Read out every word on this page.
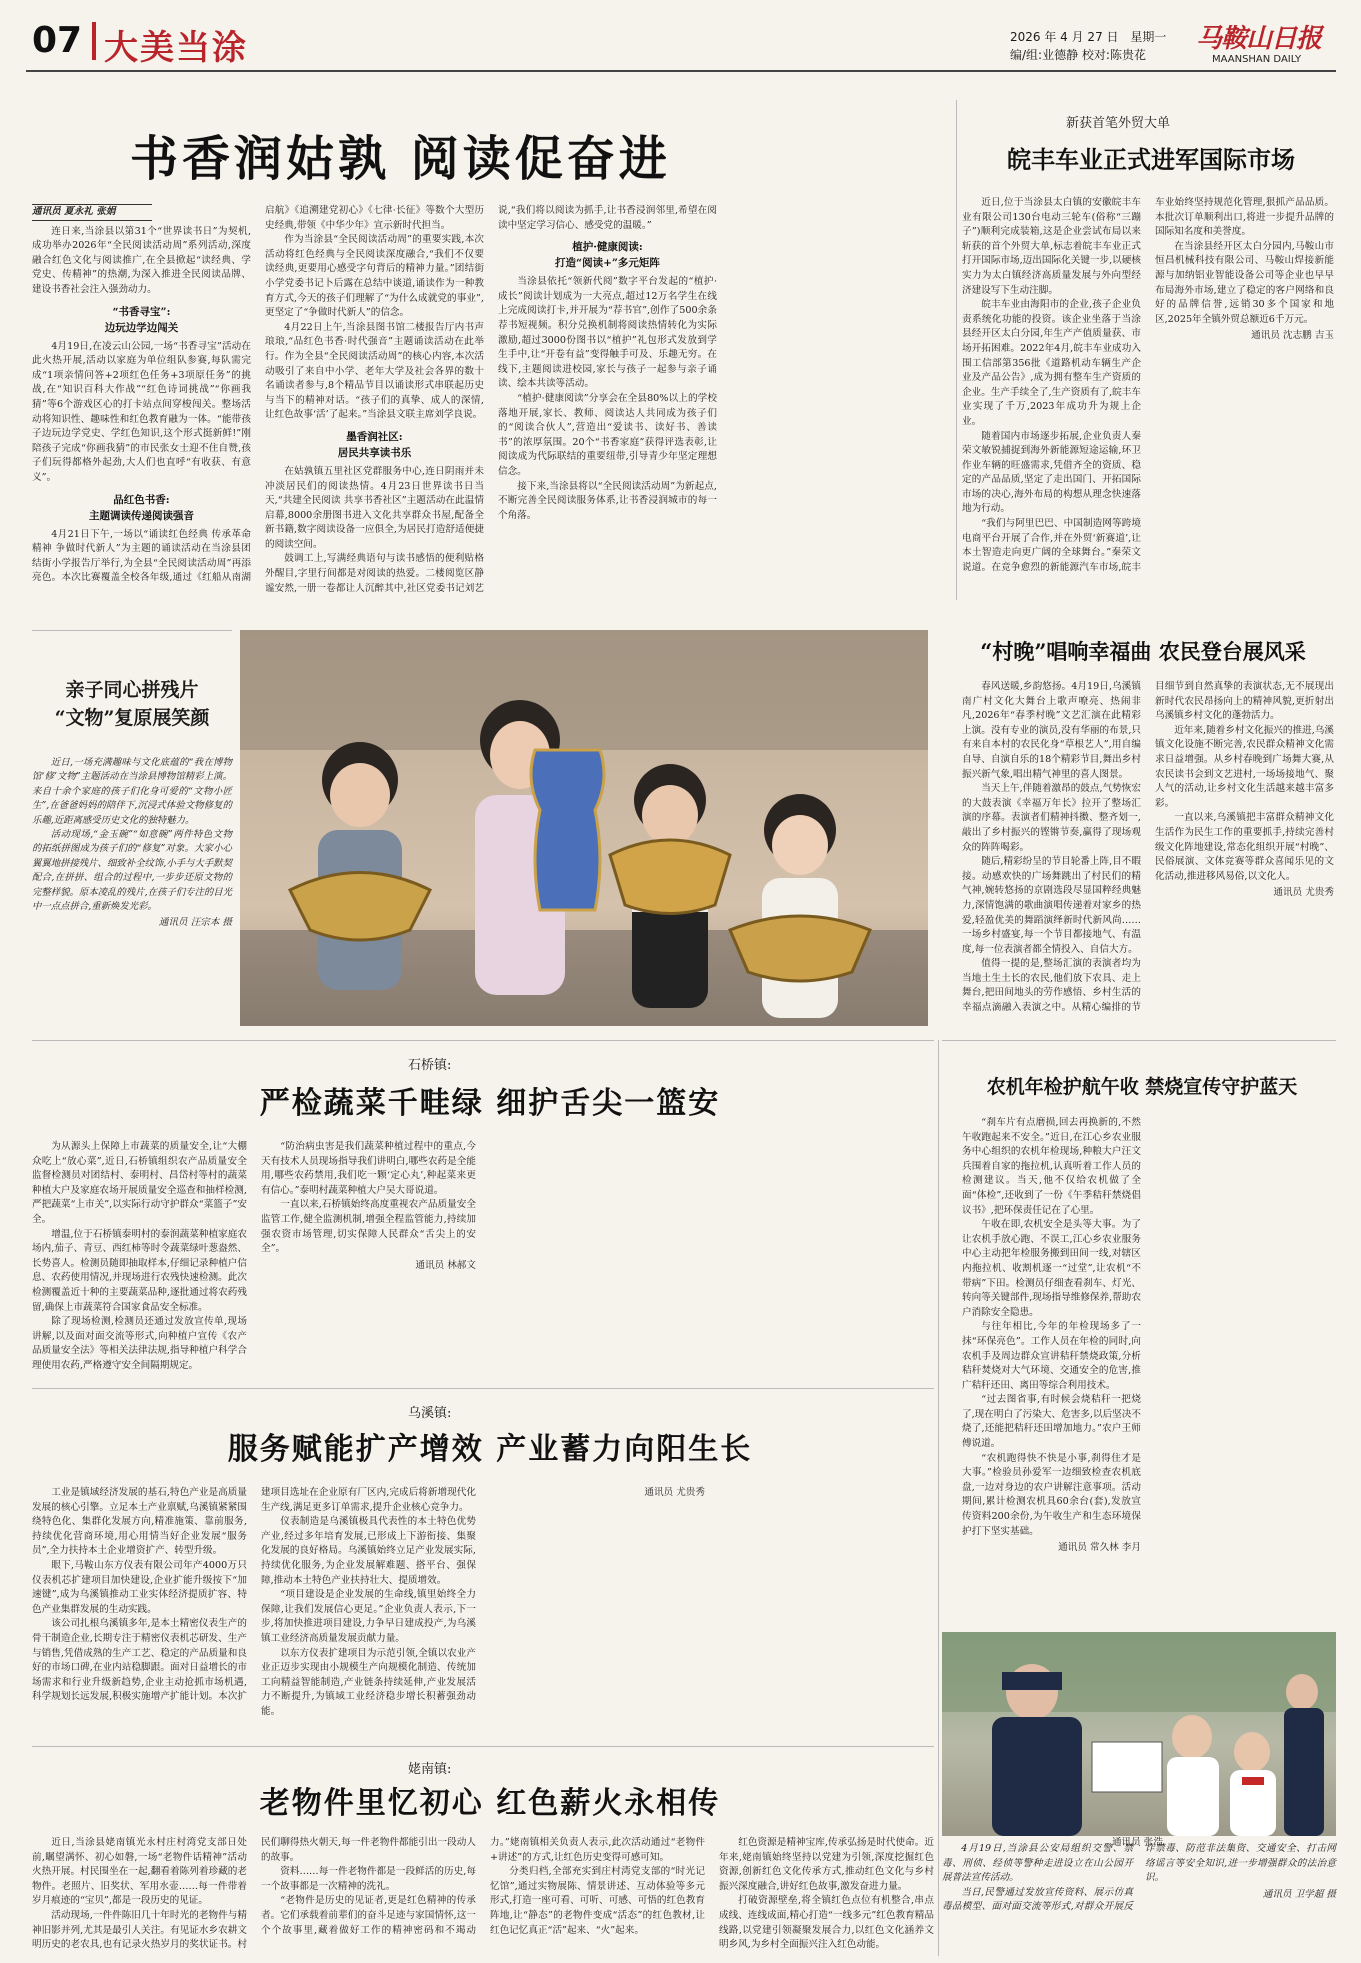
07 大美当涂	2026 年 4 月 27 日 星期一
编/组:业德静 校对:陈贵花
马鞍山日报
MAANSHAN DAILY
书香润姑孰 阅读促奋进
通讯员 夏永礼 张娟

连日来,当涂县以第31个“世界读书日”为契机,成功举办2026年“全民阅读活动周”系列活动,深度融合红色文化与阅读推广,在全县掀起“读经典、学党史、传精神”的热潮,为深入推进全民阅读品牌、建设书香社会注入强劲动力。

“书香寻宝”:
边玩边学边闯关

4月19日,在凌云山公园,一场“书香寻宝”活动在此火热开展,活动以家庭为单位组队参赛,每队需完成“1项亲情问答+2项红色任务+3项原任务”的挑战,在“知识百科大作战”“红色诗词挑战”“你画我猜”等6个游戏区心的打卡站点间穿梭闯关。整场活动将知识性、趣味性和红色教育融为一体。“能带孩子边玩边学党史、学红色知识,这个形式挺新鲜!”刚陪孩子完成“你画我猜”的市民张女士迎不住自赞,孩子们玩得都格外起劲,大人们也直呼“有收获、有意义”。

品红色书香:
主题调读传递阅读强音

4月21日下午,一场以“诵读红色经典 传承革命精神 争做时代新人”为主题的诵读活动在当涂县团结街小学报告厅举行,为全县“全民阅读活动周”再添亮色。本次比赛覆盖全校各年级,通过《红船从南湖启航》《追溯建党初心》《七律·长征》等数个大型历史经典,带领《中华少年》宣示新时代担当。

作为当涂县“全民阅读活动周”的重要实践,本次活动将红色经典与全民阅读深度融合,“我们不仅要读经典,更要用心感受字句背后的精神力量。”团结街小学党委书记卜后露在总结中谈道,诵读作为一种教育方式,今天的孩子们理解了“为什么成就党的事业”,更坚定了“争做时代新人”的信念。

4月22日上午,当涂县图书馆二楼报告厅内书声琅琅,“品红色书香·时代强音”主题诵读活动在此举行。作为全县“全民阅读活动周”的核心内容,本次活动吸引了来自中小学、老年大学及社会各界的数十名诵读者参与,8个精品节目以诵读形式串联起历史与当下的精神对话。“孩子们的真挚、成人的深情,让红色故事‘活’了起来。”当涂县文联主席刘学良说。

墨香润社区:
居民共享读书乐

在姑孰镇五里社区党群服务中心,连日阴雨并未冲淡居民们的阅读热情。4月23日世界读书日当天,“共建全民阅读 共享书香社区”主题活动在此温情启幕,8000余册图书进入文化共享群众书屋,配备全新书籍,数字阅读设备一应俱全,为居民打造舒适便捷的阅读空间。

鼓调工上,写满经典语句与读书感悟的便利贴格外醒目,字里行间都是对阅读的热爱。二楼阅览区静谧安然,一册一卷都让人沉醉其中,社区党委书记刘艺说,“我们将以阅读为抓手,让书香浸润邻里,希望在阅读中坚定学习信心、感受党的温暖。”

植护·健康阅读:
打造“阅读+”多元矩阵

当涂县依托“领新代阅”数字平台发起的“植护·成长”阅读计划成为一大亮点,超过12万名学生在线上完成阅读打卡,并开展为“荐书官”,创作了500余条荐书短视频。积分兑换机制将阅读热情转化为实际激励,超过3000份图书以“植护”礼包形式发放到学生手中,让“开卷有益”变得触手可及、乐趣无穷。在线下,主题阅读进校园,家长与孩子一起参与亲子诵读、绘本共读等活动。

“植护·健康阅读”分享会在全县80%以上的学校落地开展,家长、教师、阅读达人共同成为孩子们的“阅读合伙人”,营造出“爱读书、读好书、善读书”的浓厚氛围。20个“书香家庭”获得评选表彰,让阅读成为代际联结的重要纽带,引导青少年坚定理想信念。

接下来,当涂县将以“全民阅读活动周”为新起点,不断完善全民阅读服务体系,让书香浸润城市的每一个角落。

新获首笔外贸大单
皖丰车业正式进军国际市场

近日,位于当涂县太白镇的安徽皖丰车业有限公司130台电动三轮车(俗称“三蹦子”)顺利完成装箱,这是企业尝试布局以来斩获的首个外贸大单,标志着皖丰车业正式打开国际市场,迈出国际化关键一步,以硬核实力为太白镇经济高质量发展与外向型经济建设写下生动注脚。

皖丰车业由海阳市的企业,孩子企业负责系统化功能的投资。该企业坐落于当涂县经开区太白分园,年生产产值质量获、市场开拓困难。2022年4月,皖丰车业成功入围工信部第356批《道路机动车辆生产企业及产品公告》,成为拥有整车生产资质的企业。生产手续全了,生产资质有了,皖丰车业实现了千万,2023年成功升为规上企业。

随着国内市场逐步拓展,企业负责人秦荣文敏锐捕捉到海外新能源短途运输,环卫作业车辆的旺盛需求,凭借齐全的资质、稳定的产品品质,坚定了走出国门、开拓国际市场的决心,海外布局的构想从理念快速落地为行动。

“我们与阿里巴巴、中国制造网等跨境电商平台开展了合作,并在外贸‘新赛道’,让本土智造走向更广阔的全球舞台。”秦荣文说道。在竞争愈烈的新能源汽车市场,皖丰车业始终坚持规范化管理,狠抓产品品质。本批次订单顺利出口,将进一步提升品牌的国际知名度和美誉度。

在当涂县经开区太白分园内,马鞍山市恒昌机械科技有限公司、马鞍山焊接新能源与加纳铝业智能设备公司等企业也早早布局海外市场,建立了稳定的客户网络和良好的品牌信誉,远销30多个国家和地区,2025年全镇外贸总额近6千万元。

通讯员 沈志鹏 吉玉
亲子同心拼残片
“文物”复原展笑颜

近日,一场充满趣味与文化底蕴的“我在博物馆‘修’文物”主题活动在当涂县博物馆精彩上演。来自十余个家庭的孩子们化身可爱的“文物小匠生”,在爸爸妈妈的陪伴下,沉浸式体验文物修复的乐趣,近距离感受历史文化的独特魅力。

活动现场,“金玉碗”“如意碗”两件特色文物的拓纸拼图成为孩子们的“修复”对象。大家小心翼翼地拼接残片、细致补全纹饰,小手与大手默契配合,在拼拼、组合的过程中,一步步还原文物的完整样貌。原本凌乱的残片,在孩子们专注的目光中一点点拼合,重新焕发光彩。

通讯员 汪宗本 摄
“村晚”唱响幸福曲 农民登台展风采

春风送暖,乡韵悠扬。4月19日,乌溪镇南广村文化大舞台上歌声嘹亮、热闹非凡,2026年“春季村晚”文艺汇演在此精彩上演。没有专业的演员,没有华丽的布景,只有来自本村的农民化身“草根艺人”,用自编自导、自演自乐的18个精彩节目,舞出乡村振兴新气象,唱出精气神里的喜人图景。

当天上午,伴随着激昂的鼓点,气势恢宏的大鼓表演《幸福万年长》拉开了整场汇演的序幕。表演者们精神抖擞、整齐划一,敲出了乡村振兴的铿锵节奏,赢得了现场观众的阵阵喝彩。

随后,精彩纷呈的节目轮番上阵,目不暇接。动感欢快的广场舞跳出了村民们的精气神,婉转悠扬的京剧选段尽显国粹经典魅力,深情饱满的歌曲演唱传递着对家乡的热爱,轻盈优美的舞蹈演绎新时代新风尚……一场乡村盛宴,每一个节目都接地气、有温度,每一位表演者都全情投入、自信大方。

值得一提的是,整场汇演的表演者均为当地土生土长的农民,他们放下农具、走上舞台,把田间地头的劳作感悟、乡村生活的幸福点滴融入表演之中。从精心编排的节目细节到自然真挚的表演状态,无不展现出新时代农民昂扬向上的精神风貌,更折射出乌溪镇乡村文化的蓬勃活力。

近年来,随着乡村文化振兴的推进,乌溪镇文化设施不断完善,农民群众精神文化需求日益增强。从乡村春晚到广场舞大赛,从农民读书会到文艺进村,一场场接地气、聚人气的活动,让乡村文化生活越来越丰富多彩。

一直以来,乌溪镇把丰富群众精神文化生活作为民生工作的重要抓手,持续完善村级文化阵地建设,常态化组织开展“村晚”、民俗展演、文体竞赛等群众喜闻乐见的文化活动,推进移风易俗,以文化人。

通讯员 尤贵秀
石桥镇:
严检蔬菜千畦绿 细护舌尖一篮安

为从源头上保障上市蔬菜的质量安全,让“大棚众吃上“放心菜”,近日,石桥镇组织农产品质量安全监督检测员对团结村、泰明村、昌岱村等村的蔬菜种植大户及家庭农场开展质量安全巡查和抽样检测,严把蔬菜“上市关”,以实际行动守护群众“菜篮子”安全。

增温,位于石桥镇泰明村的泰润蔬菜种植家庭农场内,茄子、青豆、西红柿等时令蔬菜绿叶葱盎然、长势喜人。检测员随即抽取样本,仔细记录种植户信息、农药使用情况,并现场进行农残快速检测。此次检测覆盖近十种的主要蔬菜品种,逐批通过将农药残留,确保上市蔬菜符合国家食品安全标准。

除了现场检测,检测员还通过发放宣传单,现场讲解,以及面对面交流等形式,向种植户宣传《农产品质量安全法》等相关法律法规,指导种植户科学合理使用农药,严格遵守安全间隔期规定。

“防治病虫害是我们蔬菜种植过程中的重点,今天有技术人员现场指导我们讲明白,哪些农药是全能用,哪些农药禁用,我们吃一颗‘定心丸’,种起菜来更有信心。”泰明村蔬菜种植大户吴大哥说道。

一直以来,石桥镇始终高度重视农产品质量安全监管工作,健全监测机制,增强全程监管能力,持续加强农资市场管理,切实保障人民群众“舌尖上的安全”。

通讯员 林郝文
农机年检护航午收 禁烧宣传守护蓝天

“刹车片有点磨损,回去再换新的,不然午收跑起来不安全。”近日,在江心乡农业服务中心组织的农机年检现场,种粮大户汪文兵围着自家的拖拉机,认真听着工作人员的检测建议。当天,他不仅给农机做了全面“体检”,还收到了一份《午季秸秆禁烧倡议书》,把环保责任记在了心里。

午收在即,农机安全是头等大事。为了让农机手放心跑、不误工,江心乡农业服务中心主动把年检服务搬到田间一线,对辖区内拖拉机、收割机逐一“过堂”,让农机“不带病”下田。检测员仔细查看刹车、灯光、转向等关键部件,现场指导维修保养,帮助农户消除安全隐患。

与往年相比,今年的年检现场多了一抹“环保亮色”。工作人员在年检的同时,向农机手及周边群众宣讲秸秆禁烧政策,分析秸秆焚烧对大气环境、交通安全的危害,推广秸秆还田、离田等综合利用技术。

“过去图省事,有时候会烧秸秆一把烧了,现在明白了污染大、危害多,以后坚决不烧了,还能把秸秆还田增加地力。”农户王师傅说道。

“农机跑得快不快是小事,刹得住才是大事。”检验员孙爱军一边细致检查农机底盘,一边对身边的农户讲解注意事项。活动期间,累计检测农机具60余台(套),发放宣传资料200余份,为午收生产和生态环境保护打下坚实基础。

通讯员 常久林 李月
乌溪镇:
服务赋能扩产增效 产业蓄力向阳生长

工业是镇域经济发展的基石,特色产业是高质量发展的核心引擎。立足本土产业禀赋,乌溪镇紧紧围绕特色化、集群化发展方向,精准施策、靠前服务,持续优化营商环境,用心用情当好企业发展“服务员”,全力扶持本土企业增资扩产、转型升级。

眼下,马鞍山东方仪表有限公司年产4000万只仪表机芯扩建项目加快建设,企业扩能升级按下“加速键”,成为乌溪镇推动工业实体经济提质扩容、特色产业集群发展的生动实践。

该公司扎根乌溪镇多年,是本土精密仪表生产的骨干制造企业,长期专注于精密仪表机芯研发、生产与销售,凭借成熟的生产工艺、稳定的产品质量和良好的市场口碑,在业内站稳脚跟。面对日益增长的市场需求和行业升级新趋势,企业主动抢抓市场机遇,科学规划长远发展,积极实施增产扩能计划。本次扩建项目选址在企业原有厂区内,完成后将新增现代化生产线,满足更多订单需求,提升企业核心竞争力。

仪表制造是乌溪镇极具代表性的本土特色优势产业,经过多年培育发展,已形成上下游衔接、集聚化发展的良好格局。乌溪镇始终立足产业发展实际,持续优化服务,为企业发展解难题、搭平台、强保障,推动本土特色产业扶持壮大、提质增效。

“项目建设是企业发展的生命线,镇里始终全力保障,让我们发展信心更足。”企业负责人表示,下一步,将加快推进项目建设,力争早日建成投产,为乌溪镇工业经济高质量发展贡献力量。

以东方仪表扩建项目为示范引领,全镇以农业产业正迈步实现由小规模生产向规模化制造、传统加工向精益智能制造,产业链条持续延伸,产业发展活力不断提升,为镇域工业经济稳步增长积蓄强劲动能。

通讯员 尤贵秀

4月19日,当涂县公安局组织交警、禁毒、刑侦、经侦等警种走进设立在山公园开展普法宣传活动。

当日,民警通过发放宣传资料、展示仿真毒品模型、面对面交流等形式,对群众开展反诈禁毒、防范非法集资、交通安全、打击网络谣言等安全知识,进一步增强群众的法治意识。

通讯员 卫学超 摄
姥南镇:
老物件里忆初心 红色薪火永相传

近日,当涂县姥南镇光永村庄村湾党支部日处前,瞩望满怀、初心如磐,一场“老物件话精神”活动火热开展。村民围坐在一起,翻看着陈列着珍藏的老物件。老照片、旧奖状、军用水壶……每一件带着岁月痕迹的“宝贝”,都是一段历史的见证。

活动现场,一件件陈旧几十年时光的老物件与精神旧影并列,尤其是最引人关注。有见证水乡农耕文明历史的老农具,也有记录火热岁月的奖状证书。村民们聊得热火朝天,每一件老物件都能引出一段动人的故事。

资料……每一件老物件都是一段鲜活的历史,每一个故事都是一次精神的洗礼。

“老物件是历史的见证者,更是红色精神的传承者。它们承载着前辈们的奋斗足迹与家国情怀,这一个个故事里,藏着做好工作的精神密码和不竭动力。”姥南镇相关负责人表示,此次活动通过“老物件+讲述”的方式,让红色历史变得可感可知。

分类归档,全部充实到庄村湾党支部的“时光记忆馆”,通过实物展陈、情景讲述、互动体验等多元形式,打造一座可看、可听、可感、可悟的红色教育阵地,让“静态”的老物件变成“活态”的红色教材,让红色记忆真正“活”起来、“火”起来。

红色资源是精神宝库,传承弘扬是时代使命。近年来,姥南镇始终坚持以党建为引领,深度挖掘红色资源,创新红色文化传承方式,推动红色文化与乡村振兴深度融合,讲好红色故事,激发奋进力量。

打破资源壁垒,将全镇红色点位有机整合,串点成线、连线成面,精心打造“一线多元”红色教育精品线路,以党建引领凝聚发展合力,以红色文化涵养文明乡风,为乡村全面振兴注入红色动能。

通讯员 张浩
